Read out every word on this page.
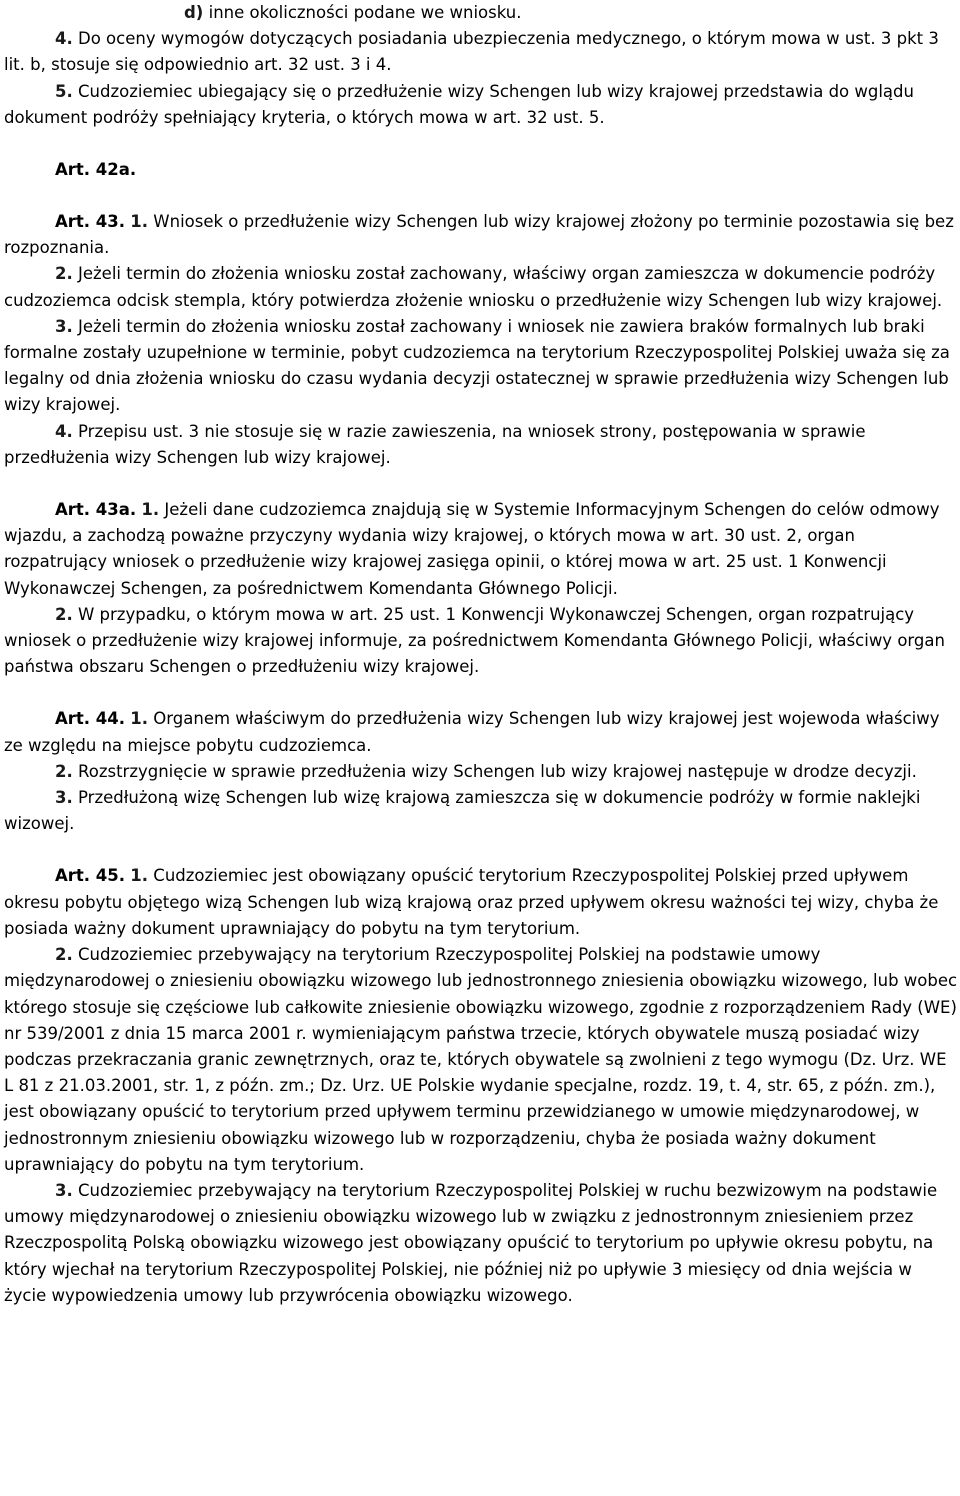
d) inne okoliczności podane we wniosku.

4. Do oceny wymogów dotyczących posiadania ubezpieczenia medycznego, o którym mowa w ust. 3 pkt 3 lit. b, stosuje się odpowiednio art. 32 ust. 3 i 4.

5. Cudzoziemiec ubiegający się o przedłużenie wizy Schengen lub wizy krajowej przedstawia do wglądu dokument podróży spełniający kryteria, o których mowa w art. 32 ust. 5.

Art. 42a.

Art. 43. 1. Wniosek o przedłużenie wizy Schengen lub wizy krajowej złożony po terminie pozostawia się bez rozpoznania.

2. Jeżeli termin do złożenia wniosku został zachowany, właściwy organ zamieszcza w dokumencie podróży cudzoziemca odcisk stempla, który potwierdza złożenie wniosku o przedłużenie wizy Schengen lub wizy krajowej.

3. Jeżeli termin do złożenia wniosku został zachowany i wniosek nie zawiera braków formalnych lub braki formalne zostały uzupełnione w terminie, pobyt cudzoziemca na terytorium Rzeczypospolitej Polskiej uważa się za legalny od dnia złożenia wniosku do czasu wydania decyzji ostatecznej w sprawie przedłużenia wizy Schengen lub wizy krajowej.

4. Przepisu ust. 3 nie stosuje się w razie zawieszenia, na wniosek strony, postępowania w sprawie przedłużenia wizy Schengen lub wizy krajowej.

Art. 43a. 1. Jeżeli dane cudzoziemca znajdują się w Systemie Informacyjnym Schengen do celów odmowy wjazdu, a zachodzą poważne przyczyny wydania wizy krajowej, o których mowa w art. 30 ust. 2, organ rozpatrujący wniosek o przedłużenie wizy krajowej zasięga opinii, o której mowa w art. 25 ust. 1 Konwencji Wykonawczej Schengen, za pośrednictwem Komendanta Głównego Policji.

2. W przypadku, o którym mowa w art. 25 ust. 1 Konwencji Wykonawczej Schengen, organ rozpatrujący wniosek o przedłużenie wizy krajowej informuje, za pośrednictwem Komendanta Głównego Policji, właściwy organ państwa obszaru Schengen o przedłużeniu wizy krajowej.

Art. 44. 1. Organem właściwym do przedłużenia wizy Schengen lub wizy krajowej jest wojewoda właściwy ze względu na miejsce pobytu cudzoziemca.

2. Rozstrzygnięcie w sprawie przedłużenia wizy Schengen lub wizy krajowej następuje w drodze decyzji.

3. Przedłużoną wizę Schengen lub wizę krajową zamieszcza się w dokumencie podróży w formie naklejki wizowej.

Art. 45. 1. Cudzoziemiec jest obowiązany opuścić terytorium Rzeczypospolitej Polskiej przed upływem okresu pobytu objętego wizą Schengen lub wizą krajową oraz przed upływem okresu ważności tej wizy, chyba że posiada ważny dokument uprawniający do pobytu na tym terytorium.

2. Cudzoziemiec przebywający na terytorium Rzeczypospolitej Polskiej na podstawie umowy międzynarodowej o zniesieniu obowiązku wizowego lub jednostronnego zniesienia obowiązku wizowego, lub wobec którego stosuje się częściowe lub całkowite zniesienie obowiązku wizowego, zgodnie z rozporządzeniem Rady (WE) nr 539/2001 z dnia 15 marca 2001 r. wymieniającym państwa trzecie, których obywatele muszą posiadać wizy podczas przekraczania granic zewnętrznych, oraz te, których obywatele są zwolnieni z tego wymogu (Dz. Urz. WE L 81 z 21.03.2001, str. 1, z późn. zm.; Dz. Urz. UE Polskie wydanie specjalne, rozdz. 19, t. 4, str. 65, z późn. zm.), jest obowiązany opuścić to terytorium przed upływem terminu przewidzianego w umowie międzynarodowej, w jednostronnym zniesieniu obowiązku wizowego lub w rozporządzeniu, chyba że posiada ważny dokument uprawniający do pobytu na tym terytorium.

3. Cudzoziemiec przebywający na terytorium Rzeczypospolitej Polskiej w ruchu bezwizowym na podstawie umowy międzynarodowej o zniesieniu obowiązku wizowego lub w związku z jednostronnym zniesieniem przez Rzeczpospolitą Polską obowiązku wizowego jest obowiązany opuścić to terytorium po upływie okresu pobytu, na który wjechał na terytorium Rzeczypospolitej Polskiej, nie później niż po upływie 3 miesięcy od dnia wejścia w życie wypowiedzenia umowy lub przywrócenia obowiązku wizowego.
